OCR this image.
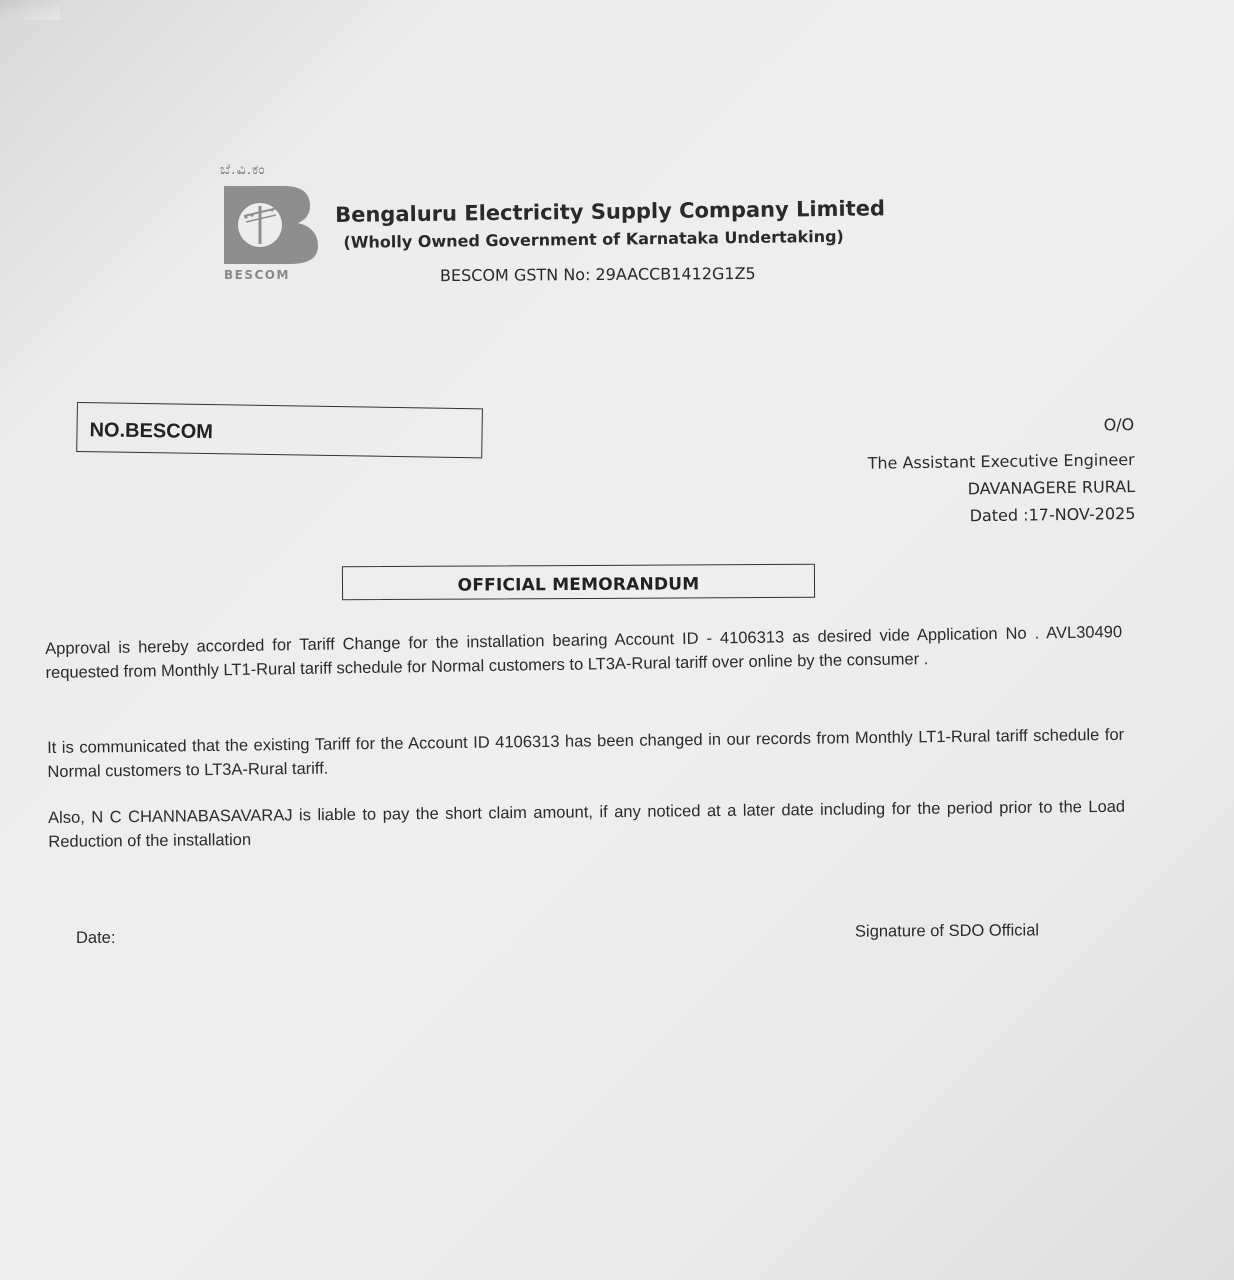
ಬೆ.ವಿ.ಕಂ
BESCOM
Bengaluru Electricity Supply Company Limited
(Wholly Owned Government of Karnataka Undertaking)
BESCOM GSTN No: 29AACCB1412G1Z5
NO.BESCOM	O/O
The Assistant Executive Engineer
DAVANAGERE RURAL
Dated :17-NOV-2025
OFFICIAL MEMORANDUM
Approval is hereby accorded for Tariff Change for the installation bearing Account ID - 4106313 as desired vide Application No . AVL30490 requested from Monthly LT1-Rural tariff schedule for Normal customers to LT3A-Rural tariff over online by the consumer .
It is communicated that the existing Tariff for the Account ID 4106313 has been changed in our records from Monthly LT1-Rural tariff schedule for Normal customers to LT3A-Rural tariff.
Also, N C CHANNABASAVARAJ is liable to pay the short claim amount, if any noticed at a later date including for the period prior to the Load Reduction of the installation
Date:	Signature of SDO Official
